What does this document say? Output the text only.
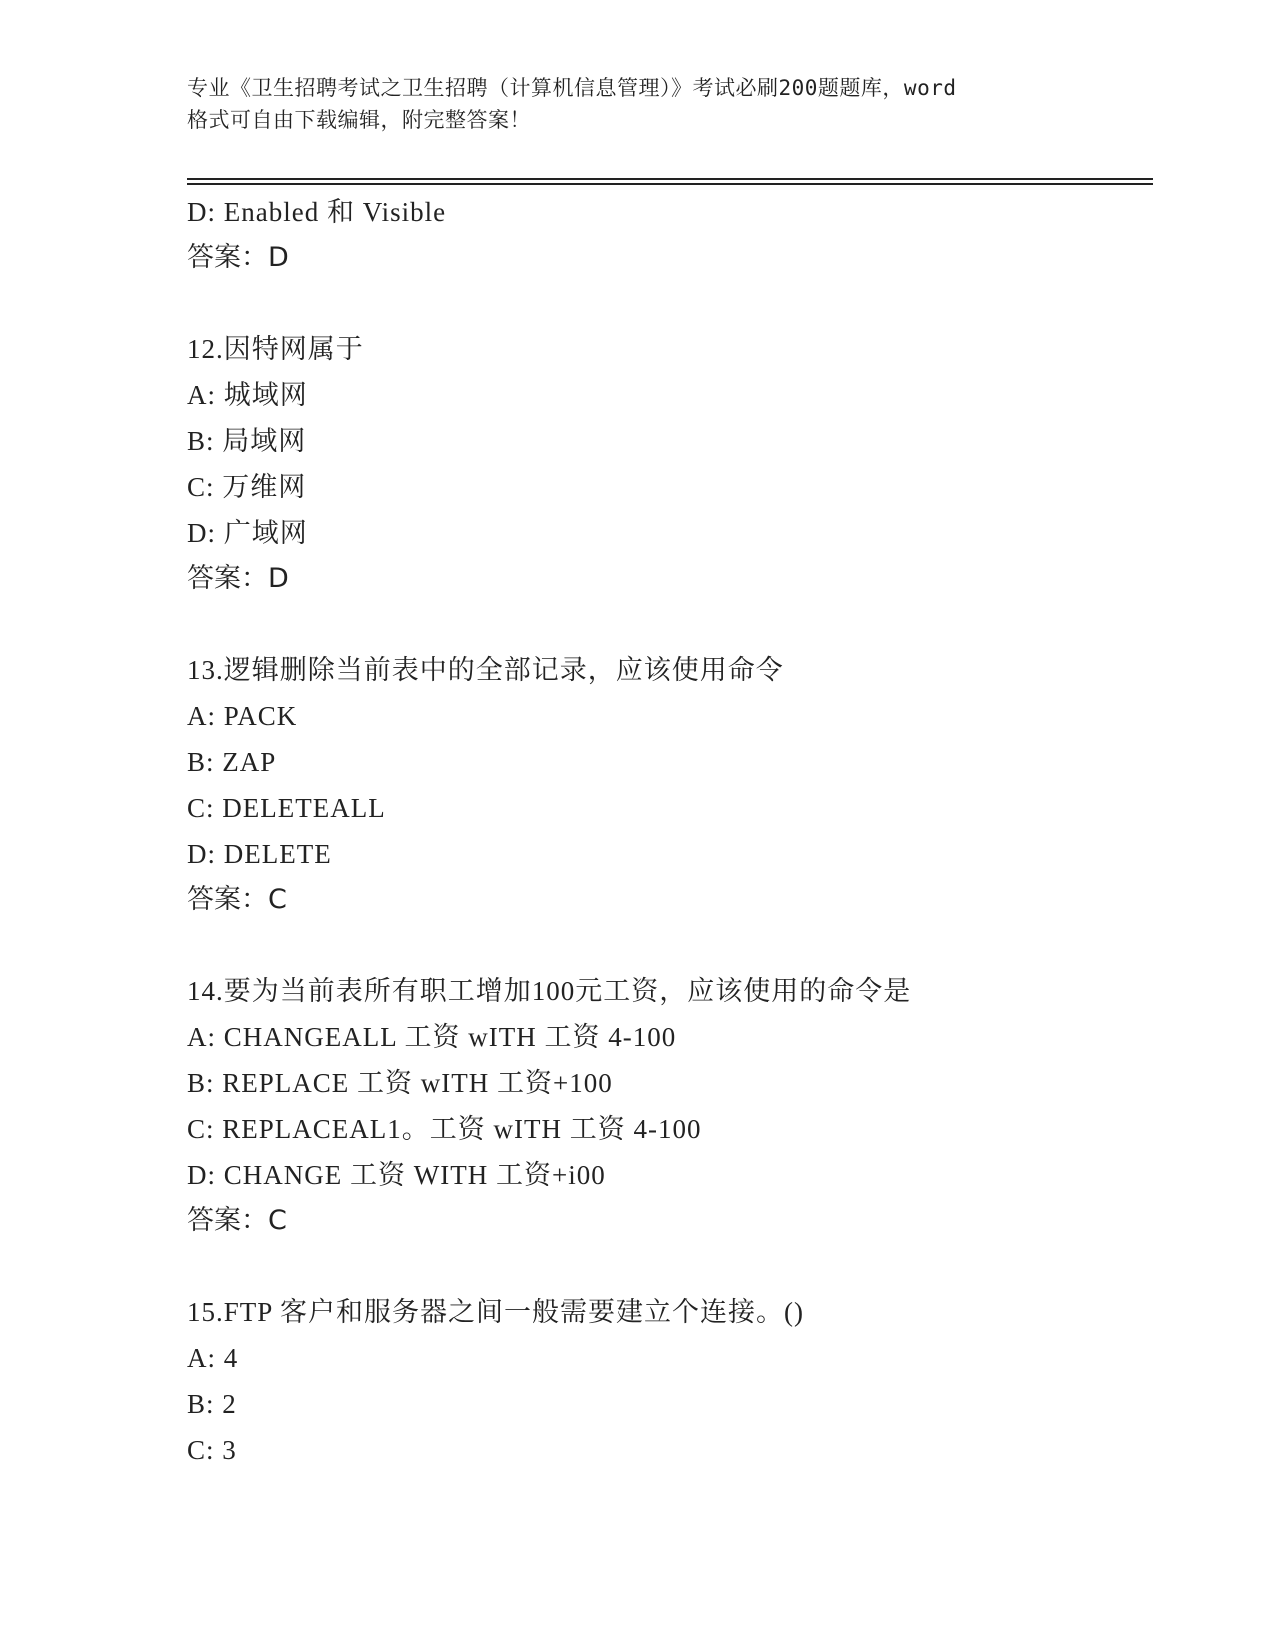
专业《卫生招聘考试之卫生招聘（计算机信息管理）》考试必刷200题题库，word
格式可自由下载编辑，附完整答案！
D: Enabled 和 Visible
答案：D
12.因特网属于
A: 城域网
B: 局域网
C: 万维网
D: 广域网
答案：D
13.逻辑删除当前表中的全部记录，应该使用命令
A: PACK
B: ZAP
C: DELETEALL
D: DELETE
答案：C
14.要为当前表所有职工增加100元工资，应该使用的命令是
A: CHANGEALL 工资 wITH 工资 4-100
B: REPLACE 工资 wITH 工资+100
C: REPLACEAL1。工资 wITH 工资 4-100
D: CHANGE 工资 WITH 工资+i00
答案：C
15.FTP 客户和服务器之间一般需要建立个连接。()
A: 4
B: 2
C: 3
